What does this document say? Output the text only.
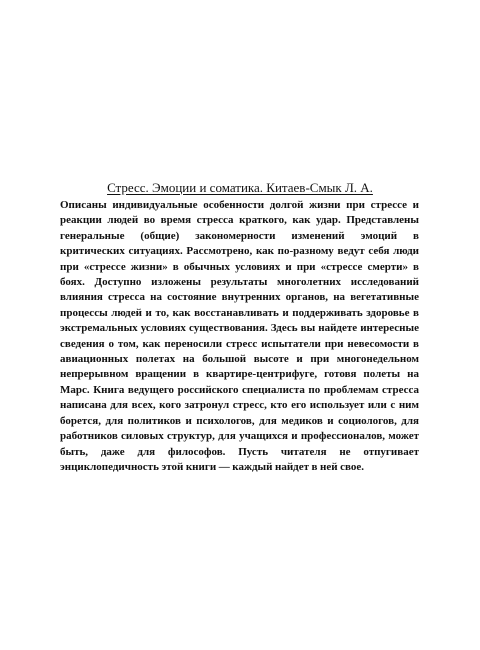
Стресс. Эмоции и соматика. Китаев-Смык Л. А.
Описаны индивидуальные особенности долгой жизни при стрессе и реакции людей во время стресса краткого, как удар. Представлены генеральные (общие) закономерности изменений эмоций в критических ситуациях. Рассмотрено, как по-разному ведут себя люди при «стрессе жизни» в обычных условиях и при «стрессе смерти» в боях. Доступно изложены результаты многолетних исследований влияния стресса на состояние внутренних органов, на вегетативные процессы людей и то, как восстанавливать и поддерживать здоровье в экстремальных условиях существования. Здесь вы найдете интересные сведения о том, как переносили стресс испытатели при невесомости в авиационных полетах на большой высоте и при многонедельном непрерывном вращении в квартире-центрифуге, готовя полеты на Марс. Книга ведущего российского специалиста по проблемам стресса написана для всех, кого затронул стресс, кто его использует или с ним борется, для политиков и психологов, для медиков и социологов, для работников силовых структур, для учащихся и профессионалов, может быть, даже для философов. Пусть читателя не отпугивает энциклопедичность этой книги — каждый найдет в ней свое.
